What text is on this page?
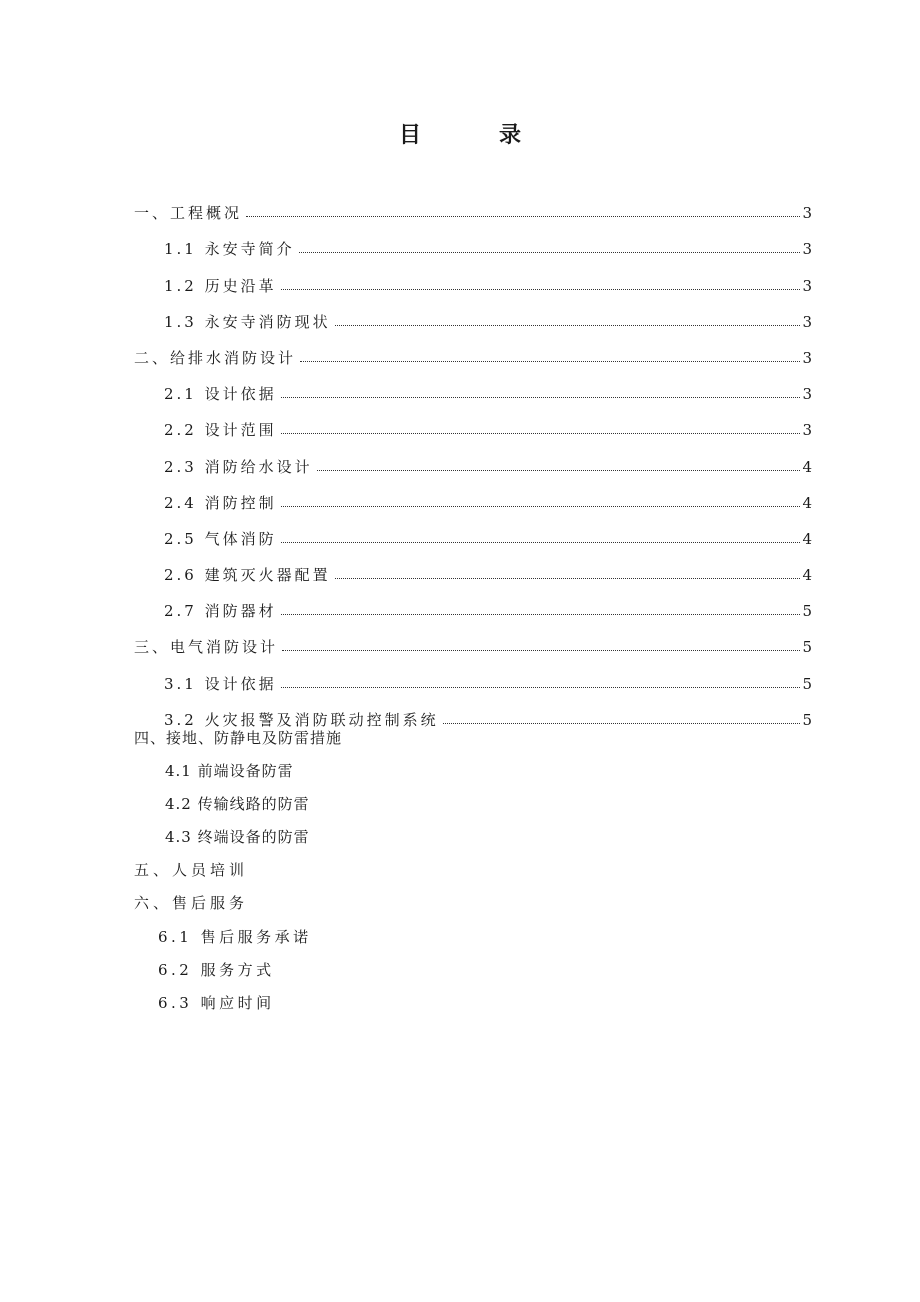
目	录
一、工程概况	3
1.1 永安寺简介	3
1.2 历史沿革	3
1.3 永安寺消防现状	3
二、给排水消防设计	3
2.1 设计依据	3
2.2 设计范围	3
2.3 消防给水设计	4
2.4 消防控制	4
2.5 气体消防	4
2.6 建筑灭火器配置	4
2.7 消防器材	5
三、电气消防设计	5
3.1 设计依据	5
3.2 火灾报警及消防联动控制系统	5
四、接地、防静电及防雷措施
4.1 前端设备防雷
4.2 传输线路的防雷
4.3 终端设备的防雷
五、人员培训
六、售后服务
6.1 售后服务承诺
6.2 服务方式
6.3 响应时间
